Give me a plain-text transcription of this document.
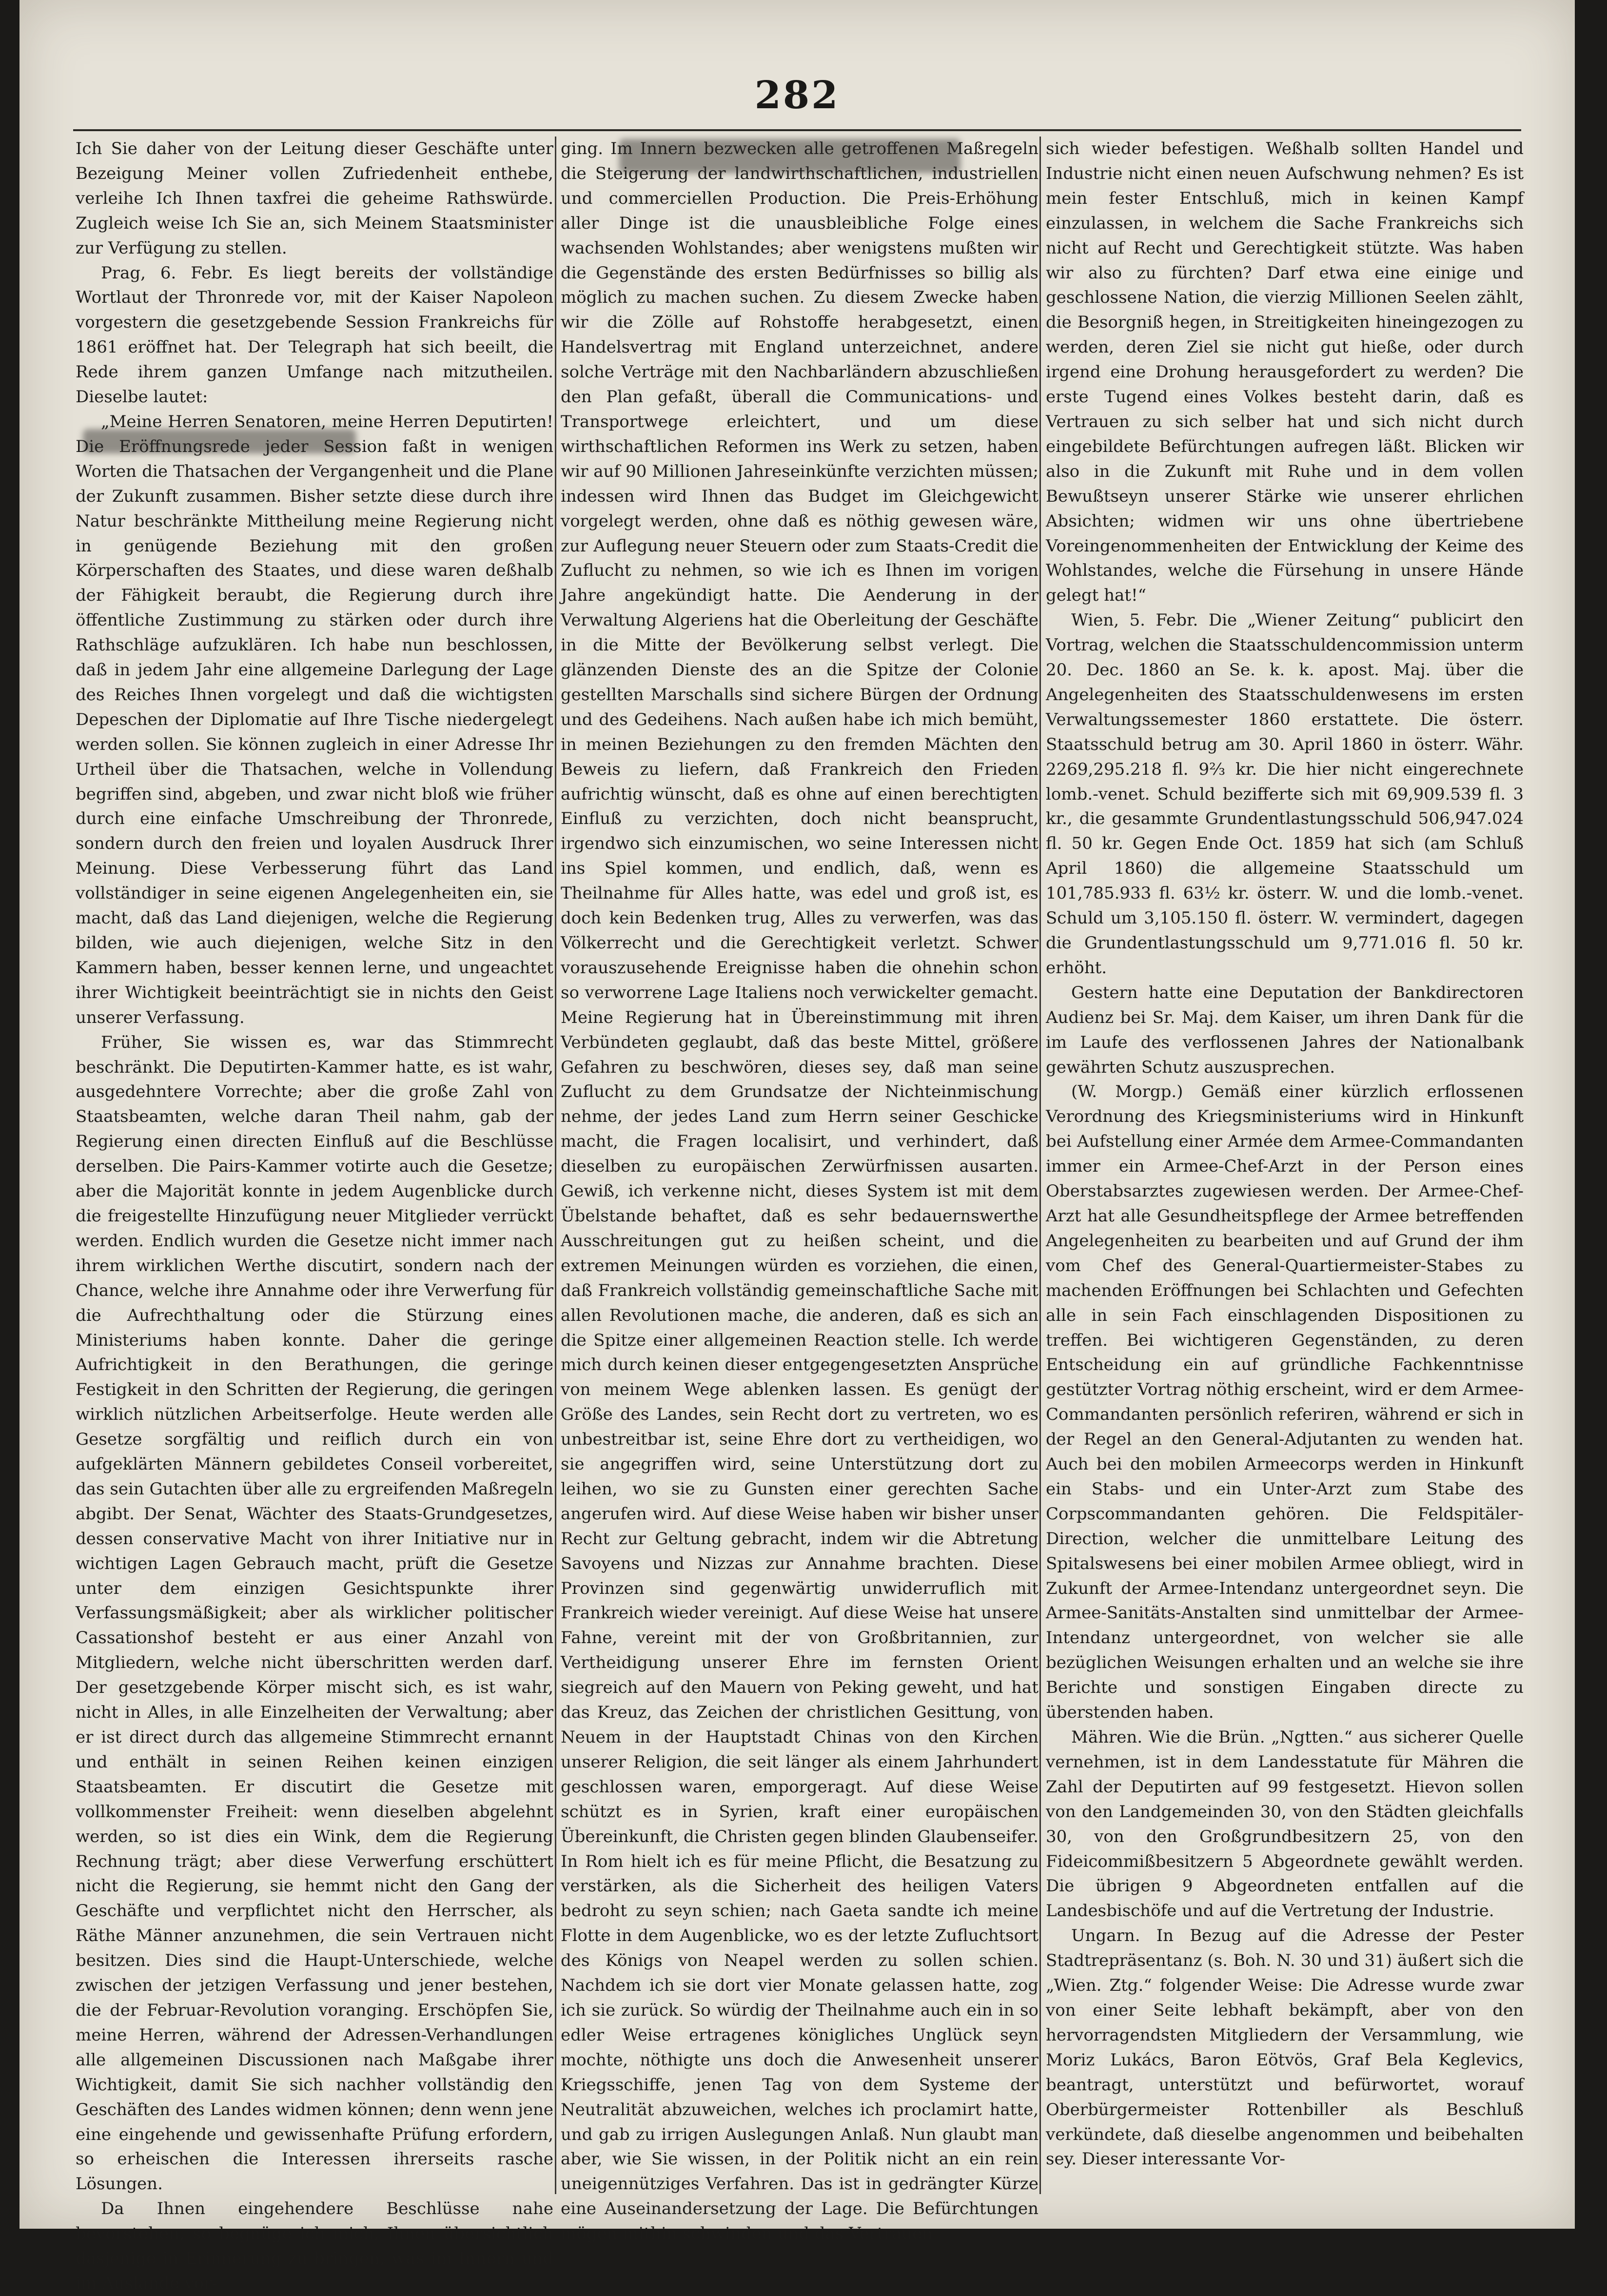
282

Ich Sie daher von der Leitung dieser Geschäfte unter Bezeigung Meiner vollen Zufriedenheit enthebe, verleihe Ich Ihnen taxfrei die geheime Rathswürde. Zugleich weise Ich Sie an, sich Meinem Staatsminister zur Verfügung zu stellen.

Prag, 6. Febr. Es liegt bereits der vollständige Wortlaut der Thronrede vor, mit der Kaiser Napoleon vorgestern die gesetzgebende Session Frankreichs für 1861 eröffnet hat. Der Telegraph hat sich beeilt, die Rede ihrem ganzen Umfange nach mitzutheilen. Dieselbe lautet:

„Meine Herren Senatoren, meine Herren Deputirten! Die Eröffnungsrede jeder Session faßt in wenigen Worten die Thatsachen der Vergangenheit und die Plane der Zukunft zusammen. Bisher setzte diese durch ihre Natur beschränkte Mittheilung meine Regierung nicht in genügende Beziehung mit den großen Körperschaften des Staates, und diese waren deßhalb der Fähigkeit beraubt, die Regierung durch ihre öffentliche Zustimmung zu stärken oder durch ihre Rathschläge aufzuklären. Ich habe nun beschlossen, daß in jedem Jahr eine allgemeine Darlegung der Lage des Reiches Ihnen vorgelegt und daß die wichtigsten Depeschen der Diplomatie auf Ihre Tische niedergelegt werden sollen. Sie können zugleich in einer Adresse Ihr Urtheil über die Thatsachen, welche in Vollendung begriffen sind, abgeben, und zwar nicht bloß wie früher durch eine einfache Umschreibung der Thronrede, sondern durch den freien und loyalen Ausdruck Ihrer Meinung. Diese Verbesserung führt das Land vollständiger in seine eigenen Angelegenheiten ein, sie macht, daß das Land diejenigen, welche die Regierung bilden, wie auch diejenigen, welche Sitz in den Kammern haben, besser kennen lerne, und ungeachtet ihrer Wichtigkeit beeinträchtigt sie in nichts den Geist unserer Verfassung.

Früher, Sie wissen es, war das Stimmrecht beschränkt. Die Deputirten-Kammer hatte, es ist wahr, ausgedehntere Vorrechte; aber die große Zahl von Staatsbeamten, welche daran Theil nahm, gab der Regierung einen directen Einfluß auf die Beschlüsse derselben. Die Pairs-Kammer votirte auch die Gesetze; aber die Majorität konnte in jedem Augenblicke durch die freigestellte Hinzufügung neuer Mitglieder verrückt werden. Endlich wurden die Gesetze nicht immer nach ihrem wirklichen Werthe discutirt, sondern nach der Chance, welche ihre Annahme oder ihre Verwerfung für die Aufrechthaltung oder die Stürzung eines Ministeriums haben konnte. Daher die geringe Aufrichtigkeit in den Berathungen, die geringe Festigkeit in den Schritten der Regierung, die geringen wirklich nützlichen Arbeitserfolge. Heute werden alle Gesetze sorgfältig und reiflich durch ein von aufgeklärten Männern gebildetes Conseil vorbereitet, das sein Gutachten über alle zu ergreifenden Maßregeln abgibt. Der Senat, Wächter des Staats-Grundgesetzes, dessen conservative Macht von ihrer Initiative nur in wichtigen Lagen Gebrauch macht, prüft die Gesetze unter dem einzigen Gesichtspunkte ihrer Verfassungsmäßigkeit; aber als wirklicher politischer Cassationshof besteht er aus einer Anzahl von Mitgliedern, welche nicht überschritten werden darf. Der gesetzgebende Körper mischt sich, es ist wahr, nicht in Alles, in alle Einzelheiten der Verwaltung; aber er ist direct durch das allgemeine Stimmrecht ernannt und enthält in seinen Reihen keinen einzigen Staatsbeamten. Er discutirt die Gesetze mit vollkommenster Freiheit: wenn dieselben abgelehnt werden, so ist dies ein Wink, dem die Regierung Rechnung trägt; aber diese Verwerfung erschüttert nicht die Regierung, sie hemmt nicht den Gang der Geschäfte und verpflichtet nicht den Herrscher, als Räthe Männer anzunehmen, die sein Vertrauen nicht besitzen. Dies sind die Haupt-Unterschiede, welche zwischen der jetzigen Verfassung und jener bestehen, die der Februar-Revolution voranging. Erschöpfen Sie, meine Herren, während der Adressen-Verhandlungen alle allgemeinen Discussionen nach Maßgabe ihrer Wichtigkeit, damit Sie sich nachher vollständig den Geschäften des Landes widmen können; denn wenn jene eine eingehende und gewissenhafte Prüfung erfordern, so erheischen die Interessen ihrerseits rasche Lösungen.

Da Ihnen eingehendere Beschlüsse nahe bevorstehen, so begnüge ich mich, Ihnen übersichtlich dasjenige in Erinnerung zu bringen, was im Innern und im Auslande vor-

ging. Im Innern bezwecken alle getroffenen Maßregeln die Steigerung der landwirthschaftlichen, industriellen und commerciellen Production. Die Preis-Erhöhung aller Dinge ist die unausbleibliche Folge eines wachsenden Wohlstandes; aber wenigstens mußten wir die Gegenstände des ersten Bedürfnisses so billig als möglich zu machen suchen. Zu diesem Zwecke haben wir die Zölle auf Rohstoffe herabgesetzt, einen Handelsvertrag mit England unterzeichnet, andere solche Verträge mit den Nachbarländern abzuschließen den Plan gefaßt, überall die Communications- und Transportwege erleichtert, und um diese wirthschaftlichen Reformen ins Werk zu setzen, haben wir auf 90 Millionen Jahreseinkünfte verzichten müssen; indessen wird Ihnen das Budget im Gleichgewicht vorgelegt werden, ohne daß es nöthig gewesen wäre, zur Auflegung neuer Steuern oder zum Staats-Credit die Zuflucht zu nehmen, so wie ich es Ihnen im vorigen Jahre angekündigt hatte. Die Aenderung in der Verwaltung Algeriens hat die Oberleitung der Geschäfte in die Mitte der Bevölkerung selbst verlegt. Die glänzenden Dienste des an die Spitze der Colonie gestellten Marschalls sind sichere Bürgen der Ordnung und des Gedeihens. Nach außen habe ich mich bemüht, in meinen Beziehungen zu den fremden Mächten den Beweis zu liefern, daß Frankreich den Frieden aufrichtig wünscht, daß es ohne auf einen berechtigten Einfluß zu verzichten, doch nicht beansprucht, irgendwo sich einzumischen, wo seine Interessen nicht ins Spiel kommen, und endlich, daß, wenn es Theilnahme für Alles hatte, was edel und groß ist, es doch kein Bedenken trug, Alles zu verwerfen, was das Völkerrecht und die Gerechtigkeit verletzt. Schwer vorauszusehende Ereignisse haben die ohnehin schon so verworrene Lage Italiens noch verwickelter gemacht. Meine Regierung hat in Übereinstimmung mit ihren Verbündeten geglaubt, daß das beste Mittel, größere Gefahren zu beschwören, dieses sey, daß man seine Zuflucht zu dem Grundsatze der Nichteinmischung nehme, der jedes Land zum Herrn seiner Geschicke macht, die Fragen localisirt, und verhindert, daß dieselben zu europäischen Zerwürfnissen ausarten. Gewiß, ich verkenne nicht, dieses System ist mit dem Übelstande behaftet, daß es sehr bedauernswerthe Ausschreitungen gut zu heißen scheint, und die extremen Meinungen würden es vorziehen, die einen, daß Frankreich vollständig gemeinschaftliche Sache mit allen Revolutionen mache, die anderen, daß es sich an die Spitze einer allgemeinen Reaction stelle. Ich werde mich durch keinen dieser entgegengesetzten Ansprüche von meinem Wege ablenken lassen. Es genügt der Größe des Landes, sein Recht dort zu vertreten, wo es unbestreitbar ist, seine Ehre dort zu vertheidigen, wo sie angegriffen wird, seine Unterstützung dort zu leihen, wo sie zu Gunsten einer gerechten Sache angerufen wird. Auf diese Weise haben wir bisher unser Recht zur Geltung gebracht, indem wir die Abtretung Savoyens und Nizzas zur Annahme brachten. Diese Provinzen sind gegenwärtig unwiderruflich mit Frankreich wieder vereinigt. Auf diese Weise hat unsere Fahne, vereint mit der von Großbritannien, zur Vertheidigung unserer Ehre im fernsten Orient siegreich auf den Mauern von Peking geweht, und hat das Kreuz, das Zeichen der christlichen Gesittung, von Neuem in der Hauptstadt Chinas von den Kirchen unserer Religion, die seit länger als einem Jahrhundert geschlossen waren, emporgeragt. Auf diese Weise schützt es in Syrien, kraft einer europäischen Übereinkunft, die Christen gegen blinden Glaubenseifer. In Rom hielt ich es für meine Pflicht, die Besatzung zu verstärken, als die Sicherheit des heiligen Vaters bedroht zu seyn schien; nach Gaeta sandte ich meine Flotte in dem Augenblicke, wo es der letzte Zufluchtsort des Königs von Neapel werden zu sollen schien. Nachdem ich sie dort vier Monate gelassen hatte, zog ich sie zurück. So würdig der Theilnahme auch ein in so edler Weise ertragenes königliches Unglück seyn mochte, nöthigte uns doch die Anwesenheit unserer Kriegsschiffe, jenen Tag von dem Systeme der Neutralität abzuweichen, welches ich proclamirt hatte, und gab zu irrigen Auslegungen Anlaß. Nun glaubt man aber, wie Sie wissen, in der Politik nicht an ein rein uneigennütziges Verfahren. Das ist in gedrängter Kürze eine Auseinandersetzung der Lage. Die Befürchtungen mögen mithin schwinden und das Vertrauen

sich wieder befestigen. Weßhalb sollten Handel und Industrie nicht einen neuen Aufschwung nehmen? Es ist mein fester Entschluß, mich in keinen Kampf einzulassen, in welchem die Sache Frankreichs sich nicht auf Recht und Gerechtigkeit stützte. Was haben wir also zu fürchten? Darf etwa eine einige und geschlossene Nation, die vierzig Millionen Seelen zählt, die Besorgniß hegen, in Streitigkeiten hineingezogen zu werden, deren Ziel sie nicht gut hieße, oder durch irgend eine Drohung herausgefordert zu werden? Die erste Tugend eines Volkes besteht darin, daß es Vertrauen zu sich selber hat und sich nicht durch eingebildete Befürchtungen aufregen läßt. Blicken wir also in die Zukunft mit Ruhe und in dem vollen Bewußtseyn unserer Stärke wie unserer ehrlichen Absichten; widmen wir uns ohne übertriebene Voreingenommenheiten der Entwicklung der Keime des Wohlstandes, welche die Fürsehung in unsere Hände gelegt hat!“

Wien, 5. Febr. Die „Wiener Zeitung“ publicirt den Vortrag, welchen die Staatsschuldencommission unterm 20. Dec. 1860 an Se. k. k. apost. Maj. über die Angelegenheiten des Staatsschuldenwesens im ersten Verwaltungssemester 1860 erstattete. Die österr. Staatsschuld betrug am 30. April 1860 in österr. Währ. 2269,295.218 fl. 9⅔ kr. Die hier nicht eingerechnete lomb.-venet. Schuld bezifferte sich mit 69,909.539 fl. 3 kr., die gesammte Grundentlastungsschuld 506,947.024 fl. 50 kr. Gegen Ende Oct. 1859 hat sich (am Schluß April 1860) die allgemeine Staatsschuld um 101,785.933 fl. 63½ kr. österr. W. und die lomb.-venet. Schuld um 3,105.150 fl. österr. W. vermindert, dagegen die Grundentlastungsschuld um 9,771.016 fl. 50 kr. erhöht.

Gestern hatte eine Deputation der Bankdirectoren Audienz bei Sr. Maj. dem Kaiser, um ihren Dank für die im Laufe des verflossenen Jahres der Nationalbank gewährten Schutz auszusprechen.

(W. Morgp.) Gemäß einer kürzlich erflossenen Verordnung des Kriegsministeriums wird in Hinkunft bei Aufstellung einer Armée dem Armee-Commandanten immer ein Armee-Chef-Arzt in der Person eines Oberstabsarztes zugewiesen werden. Der Armee-Chef-Arzt hat alle Gesundheitspflege der Armee betreffenden Angelegenheiten zu bearbeiten und auf Grund der ihm vom Chef des General-Quartiermeister-Stabes zu machenden Eröffnungen bei Schlachten und Gefechten alle in sein Fach einschlagenden Dispositionen zu treffen. Bei wichtigeren Gegenständen, zu deren Entscheidung ein auf gründliche Fachkenntnisse gestützter Vortrag nöthig erscheint, wird er dem Armee-Commandanten persönlich referiren, während er sich in der Regel an den General-Adjutanten zu wenden hat. Auch bei den mobilen Armeecorps werden in Hinkunft ein Stabs- und ein Unter-Arzt zum Stabe des Corpscommandanten gehören. Die Feldspitäler-Direction, welcher die unmittelbare Leitung des Spitalswesens bei einer mobilen Armee obliegt, wird in Zukunft der Armee-Intendanz untergeordnet seyn. Die Armee-Sanitäts-Anstalten sind unmittelbar der Armee-Intendanz untergeordnet, von welcher sie alle bezüglichen Weisungen erhalten und an welche sie ihre Berichte und sonstigen Eingaben directe zu überstenden haben.

Mähren. Wie die Brün. „Ngtten.“ aus sicherer Quelle vernehmen, ist in dem Landesstatute für Mähren die Zahl der Deputirten auf 99 festgesetzt. Hievon sollen von den Landgemeinden 30, von den Städten gleichfalls 30, von den Großgrundbesitzern 25, von den Fideicommißbesitzern 5 Abgeordnete gewählt werden. Die übrigen 9 Abgeordneten entfallen auf die Landesbischöfe und auf die Vertretung der Industrie.

Ungarn. In Bezug auf die Adresse der Pester Stadtrepräsentanz (s. Boh. N. 30 und 31) äußert sich die „Wien. Ztg.“ folgender Weise: Die Adresse wurde zwar von einer Seite lebhaft bekämpft, aber von den hervorragendsten Mitgliedern der Versammlung, wie Moriz Lukács, Baron Eötvös, Graf Bela Keglevics, beantragt, unterstützt und befürwortet, worauf Oberbürgermeister Rottenbiller als Beschluß verkündete, daß dieselbe angenommen und beibehalten sey. Dieser interessante Vor-
